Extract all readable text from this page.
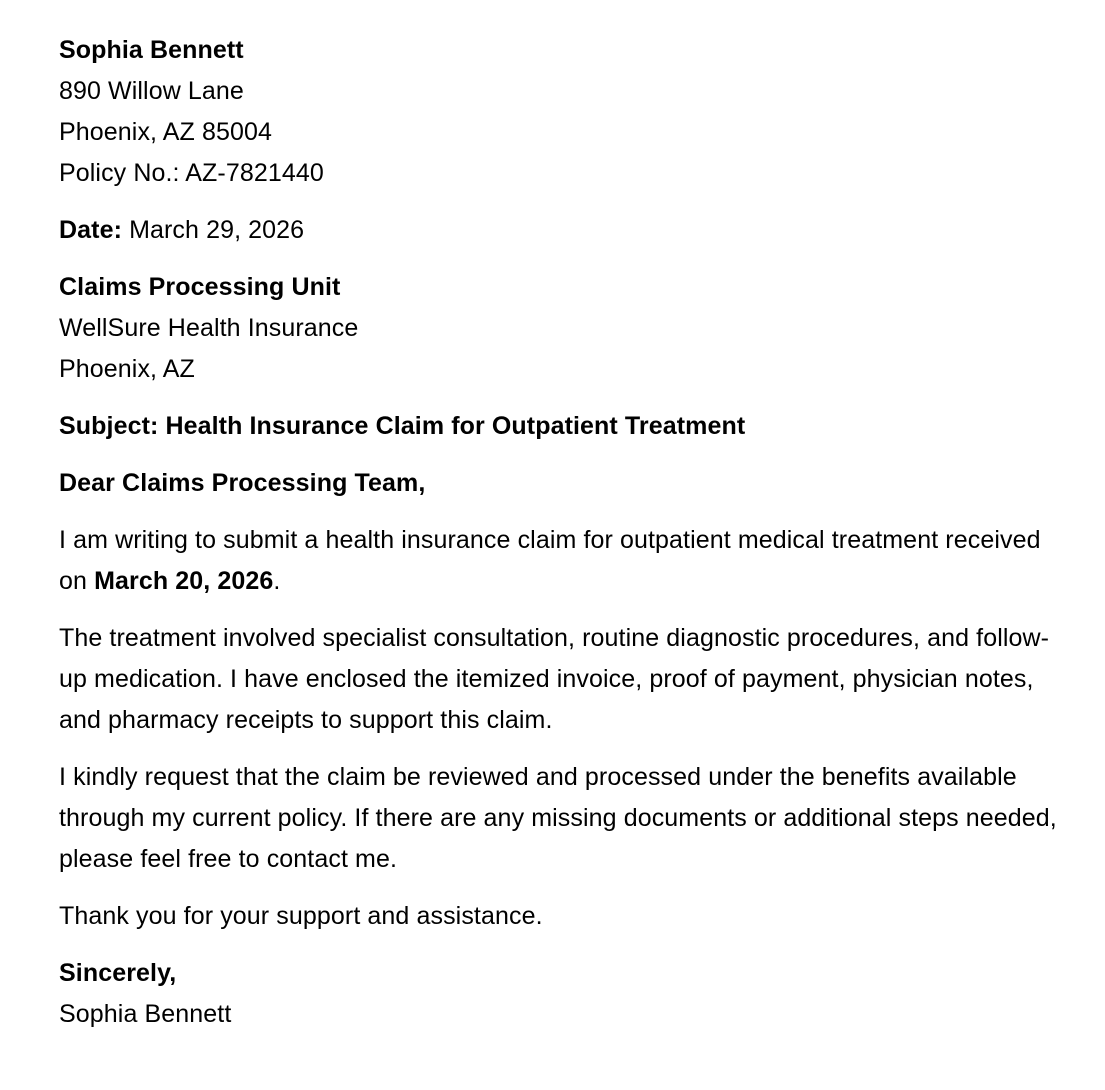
Sophia Bennett
890 Willow Lane
Phoenix, AZ 85004
Policy No.: AZ-7821440
Date: March 29, 2026
Claims Processing Unit
WellSure Health Insurance
Phoenix, AZ
Subject: Health Insurance Claim for Outpatient Treatment
Dear Claims Processing Team,
I am writing to submit a health insurance claim for outpatient medical treatment received on March 20, 2026.
The treatment involved specialist consultation, routine diagnostic procedures, and follow-up medication. I have enclosed the itemized invoice, proof of payment, physician notes, and pharmacy receipts to support this claim.
I kindly request that the claim be reviewed and processed under the benefits available through my current policy. If there are any missing documents or additional steps needed, please feel free to contact me.
Thank you for your support and assistance.
Sincerely,
Sophia Bennett
